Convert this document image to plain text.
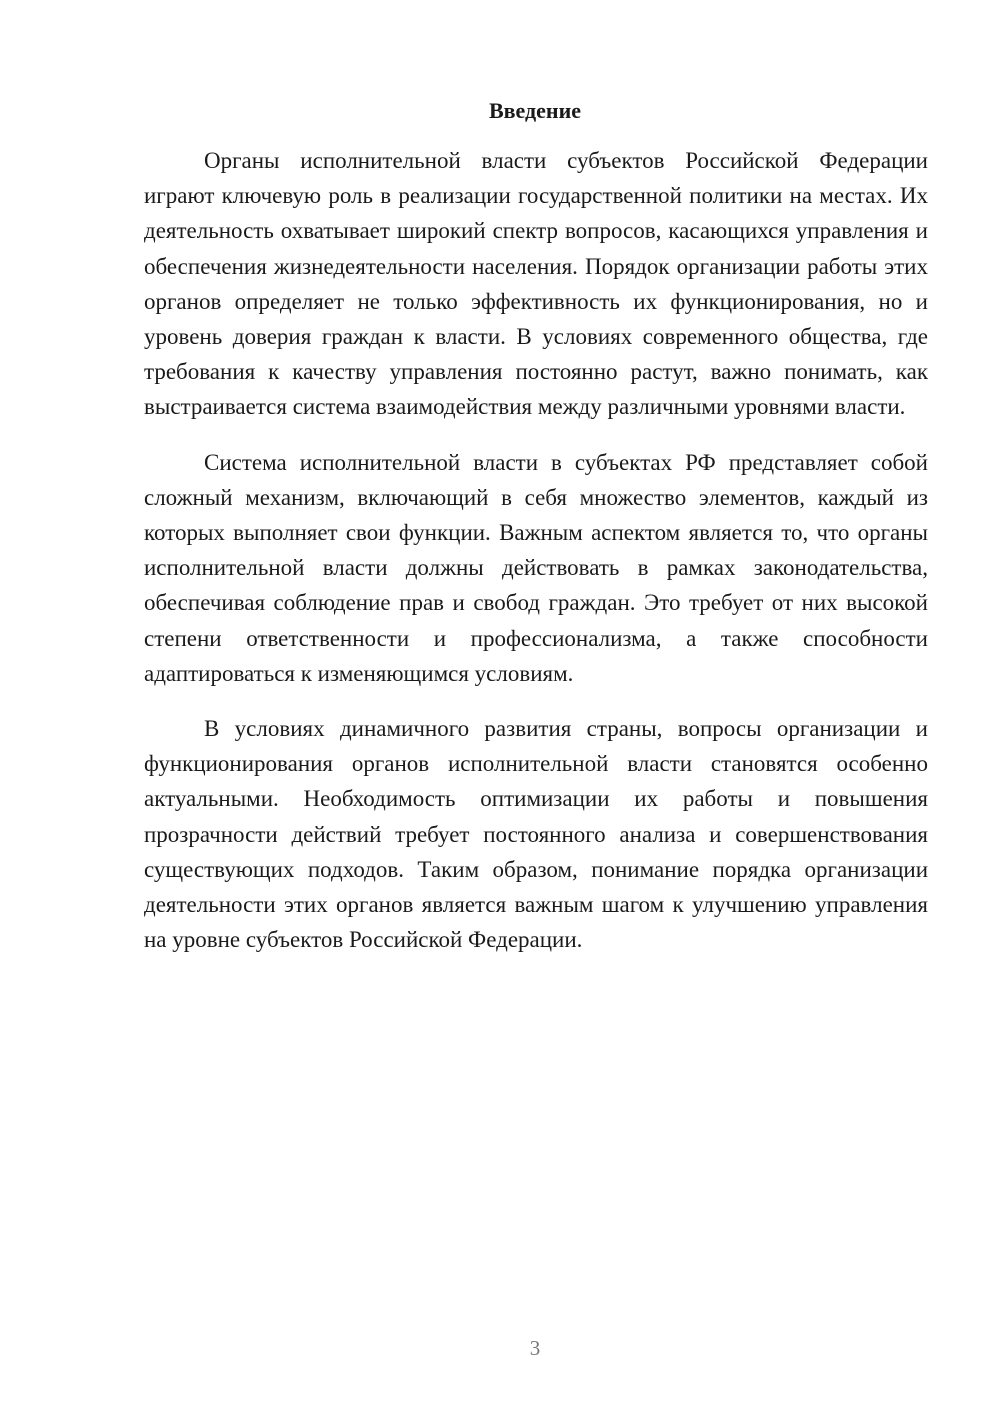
Введение

Органы исполнительной власти субъектов Российской Федерации играют ключевую роль в реализации государственной политики на местах. Их деятельность охватывает широкий спектр вопросов, касающихся управления и обеспечения жизнедеятельности населения. Порядок организации работы этих органов определяет не только эффективность их функционирования, но и уровень доверия граждан к власти. В условиях современного общества, где требования к качеству управления постоянно растут, важно понимать, как выстраивается система взаимодействия между различными уровнями власти.

Система исполнительной власти в субъектах РФ представляет собой сложный механизм, включающий в себя множество элементов, каждый из которых выполняет свои функции. Важным аспектом является то, что органы исполнительной власти должны действовать в рамках законодательства, обеспечивая соблюдение прав и свобод граждан. Это требует от них высокой степени ответственности и профессионализма, а также способности адаптироваться к изменяющимся условиям.

В условиях динамичного развития страны, вопросы организации и функционирования органов исполнительной власти становятся особенно актуальными. Необходимость оптимизации их работы и повышения прозрачности действий требует постоянного анализа и совершенствования существующих подходов. Таким образом, понимание порядка организации деятельности этих органов является важным шагом к улучшению управления на уровне субъектов Российской Федерации.

3
